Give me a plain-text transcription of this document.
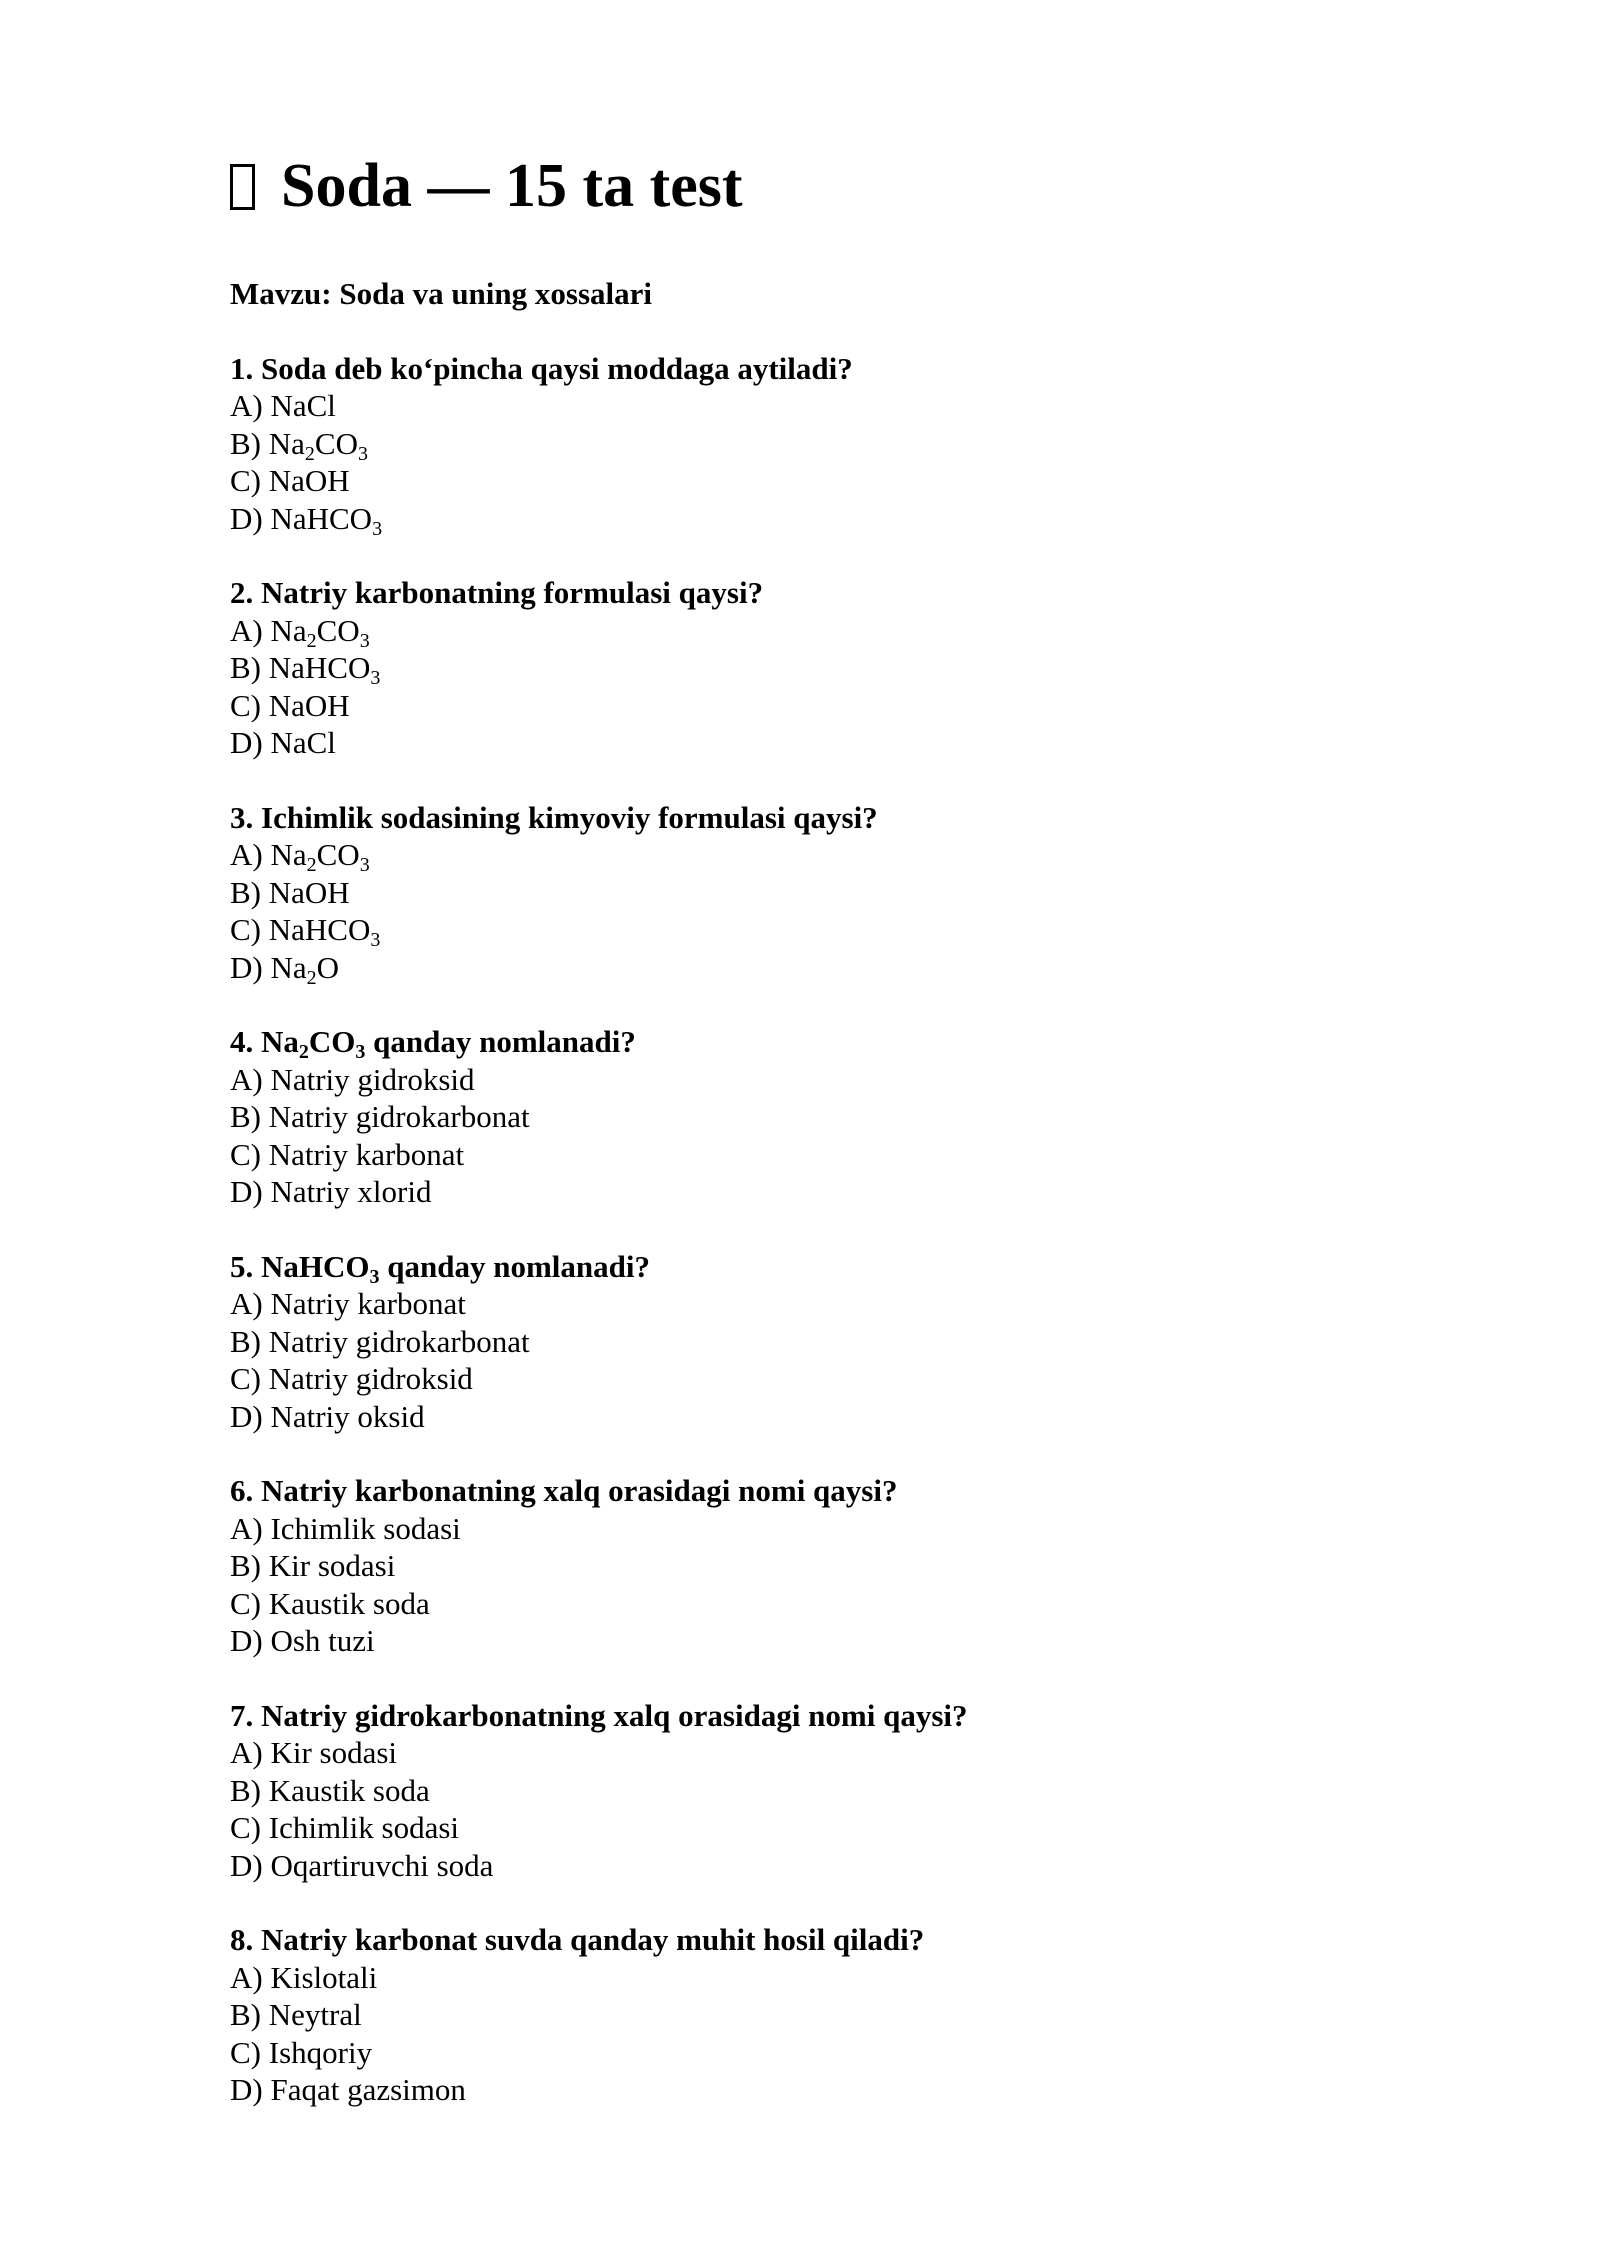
Soda — 15 ta test
Mavzu: Soda va uning xossalari
1. Soda deb ko‘pincha qaysi moddaga aytiladi?
A) NaCl
B) $Na_2CO_3$
C) NaOH
D) NaHCO$_3$
2. Natriy karbonatning formulasi qaysi?
A) $Na_2CO_3$
B) NaHCO$_3$
C) NaOH
D) NaCl
3. Ichimlik sodasining kimyoviy formulasi qaysi?
A) $Na_2CO_3$
B) NaOH
C) NaHCO$_3$
D) $Na_2O$
4. $Na_2CO_3$ qanday nomlanadi?
A) Natriy gidroksid
B) Natriy gidrokarbonat
C) Natriy karbonat
D) Natriy xlorid
5. NaHCO$_3$ qanday nomlanadi?
A) Natriy karbonat
B) Natriy gidrokarbonat
C) Natriy gidroksid
D) Natriy oksid
6. Natriy karbonatning xalq orasidagi nomi qaysi?
A) Ichimlik sodasi
B) Kir sodasi
C) Kaustik soda
D) Osh tuzi
7. Natriy gidrokarbonatning xalq orasidagi nomi qaysi?
A) Kir sodasi
B) Kaustik soda
C) Ichimlik sodasi
D) Oqartiruvchi soda
8. Natriy karbonat suvda qanday muhit hosil qiladi?
A) Kislotali
B) Neytral
C) Ishqoriy
D) Faqat gazsimon
